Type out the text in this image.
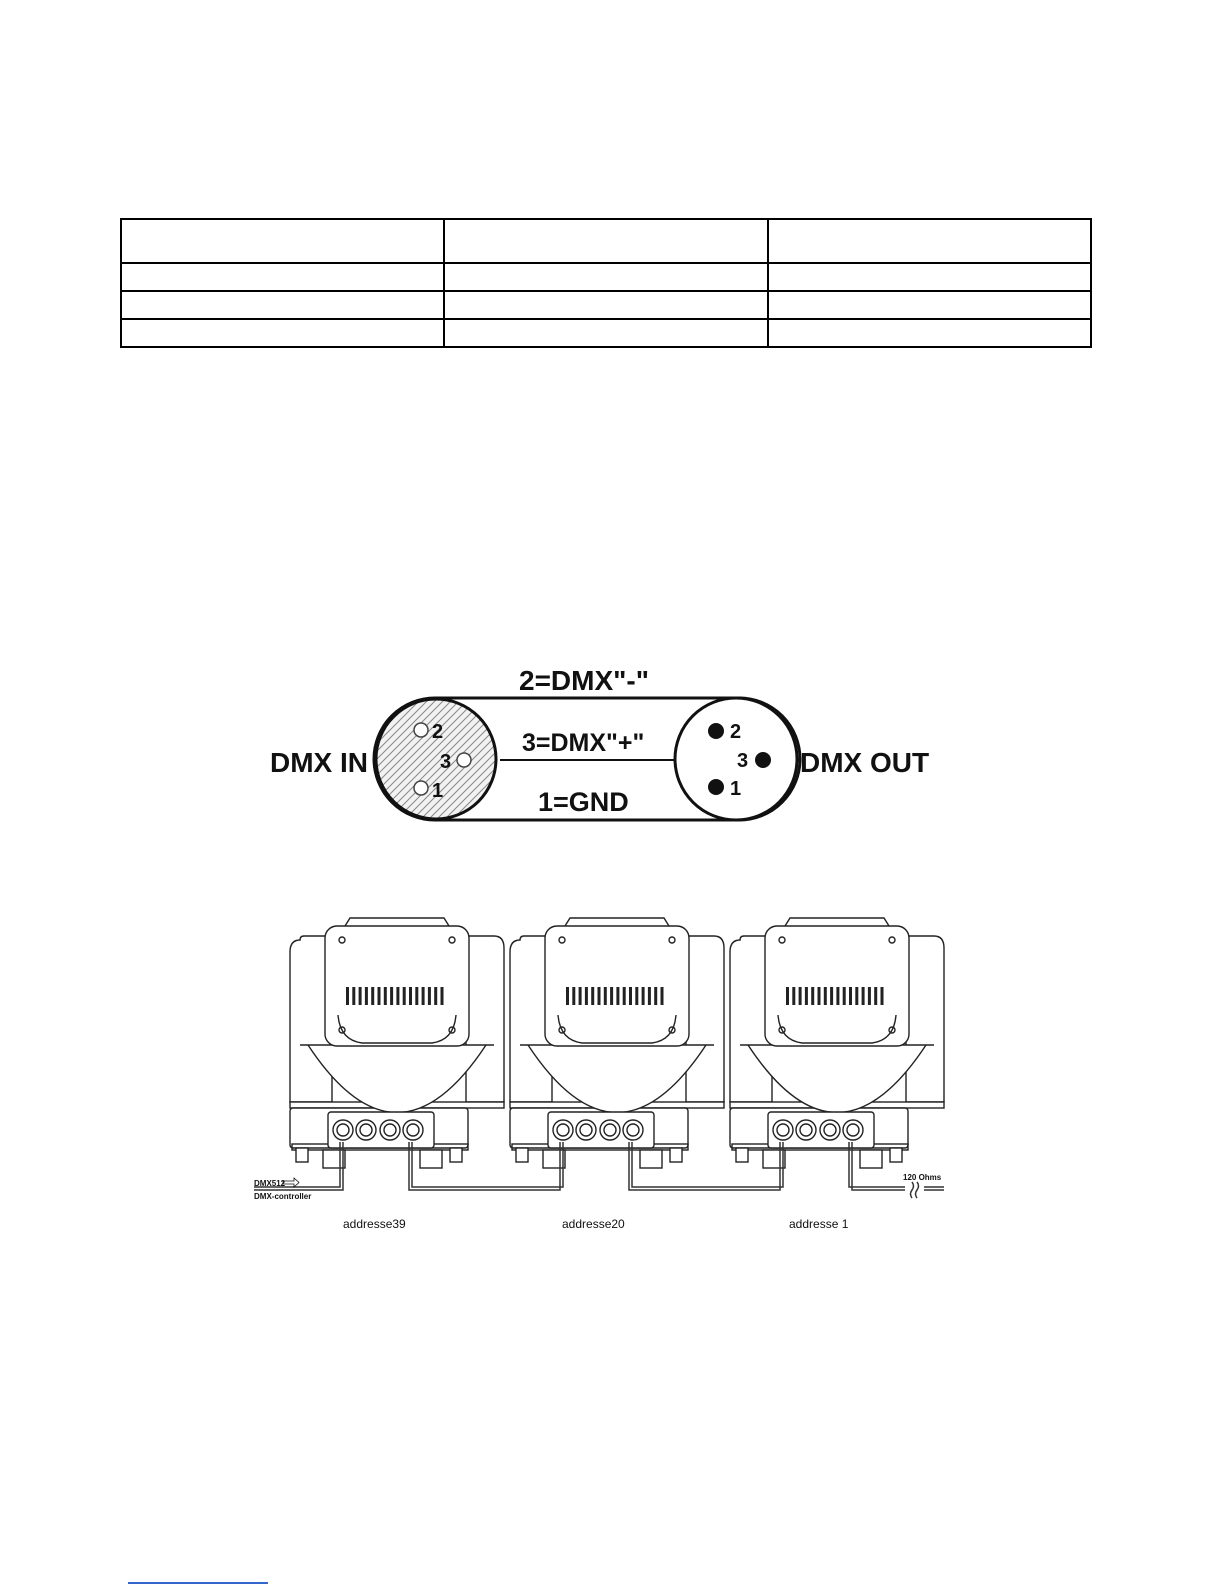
2
3
1
2
3
1
2=DMX"-"
3=DMX"+"
1=GND
DMX IN	DMX OUT
DMX512
DMX-controller
120 Ohms
addresse39	addresse20	addresse 1
